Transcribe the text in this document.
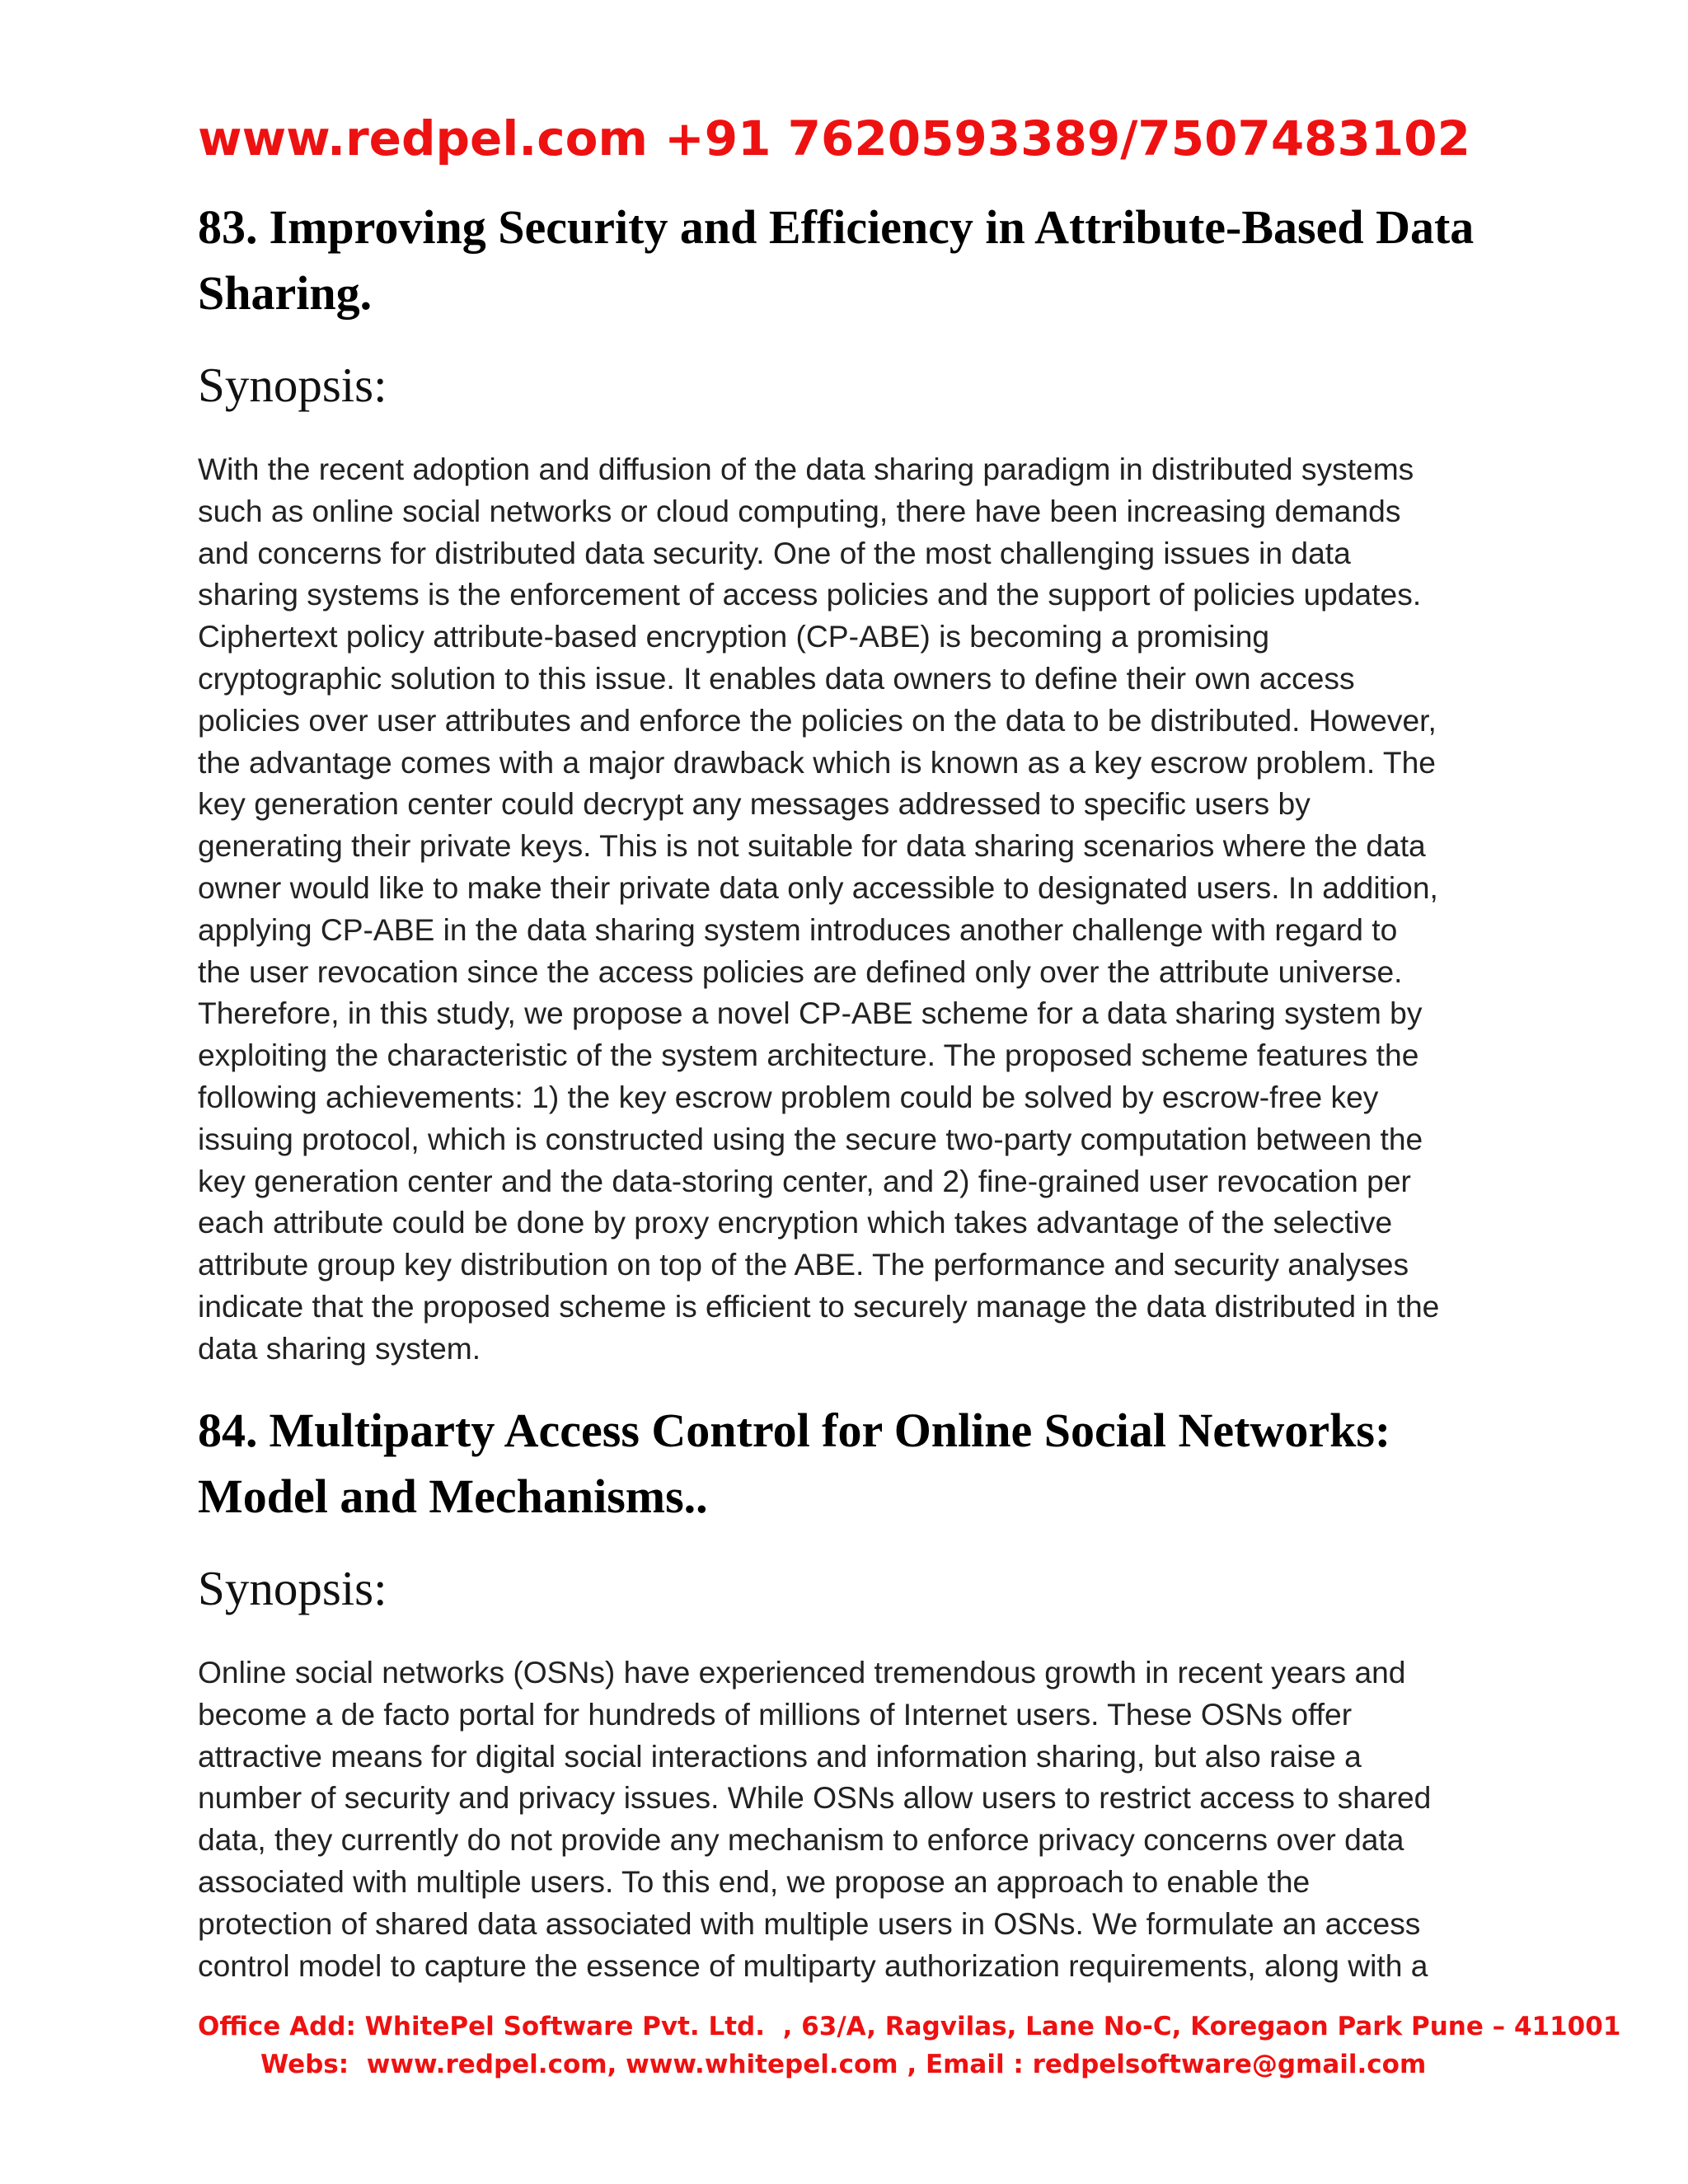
www.redpel.com +91 7620593389/7507483102
83. Improving Security and Efficiency in Attribute-Based Data Sharing.
Synopsis:

With the recent adoption and diffusion of the data sharing paradigm in distributed systems
such as online social networks or cloud computing, there have been increasing demands
and concerns for distributed data security. One of the most challenging issues in data
sharing systems is the enforcement of access policies and the support of policies updates.
Ciphertext policy attribute-based encryption (CP-ABE) is becoming a promising
cryptographic solution to this issue. It enables data owners to define their own access
policies over user attributes and enforce the policies on the data to be distributed. However,
the advantage comes with a major drawback which is known as a key escrow problem. The
key generation center could decrypt any messages addressed to specific users by
generating their private keys. This is not suitable for data sharing scenarios where the data
owner would like to make their private data only accessible to designated users. In addition,
applying CP-ABE in the data sharing system introduces another challenge with regard to
the user revocation since the access policies are defined only over the attribute universe.
Therefore, in this study, we propose a novel CP-ABE scheme for a data sharing system by
exploiting the characteristic of the system architecture. The proposed scheme features the
following achievements: 1) the key escrow problem could be solved by escrow-free key
issuing protocol, which is constructed using the secure two-party computation between the
key generation center and the data-storing center, and 2) fine-grained user revocation per
each attribute could be done by proxy encryption which takes advantage of the selective
attribute group key distribution on top of the ABE. The performance and security analyses
indicate that the proposed scheme is efficient to securely manage the data distributed in the
data sharing system.

84. Multiparty Access Control for Online Social Networks: Model and Mechanisms..
Synopsis:

Online social networks (OSNs) have experienced tremendous growth in recent years and
become a de facto portal for hundreds of millions of Internet users. These OSNs offer
attractive means for digital social interactions and information sharing, but also raise a
number of security and privacy issues. While OSNs allow users to restrict access to shared
data, they currently do not provide any mechanism to enforce privacy concerns over data
associated with multiple users. To this end, we propose an approach to enable the
protection of shared data associated with multiple users in OSNs. We formulate an access
control model to capture the essence of multiparty authorization requirements, along with a

Office Add: WhitePel Software Pvt. Ltd.  , 63/A, Ragvilas, Lane No-C, Koregaon Park Pune – 411001
Webs:  www.redpel.com, www.whitepel.com , Email : redpelsoftware@gmail.com
